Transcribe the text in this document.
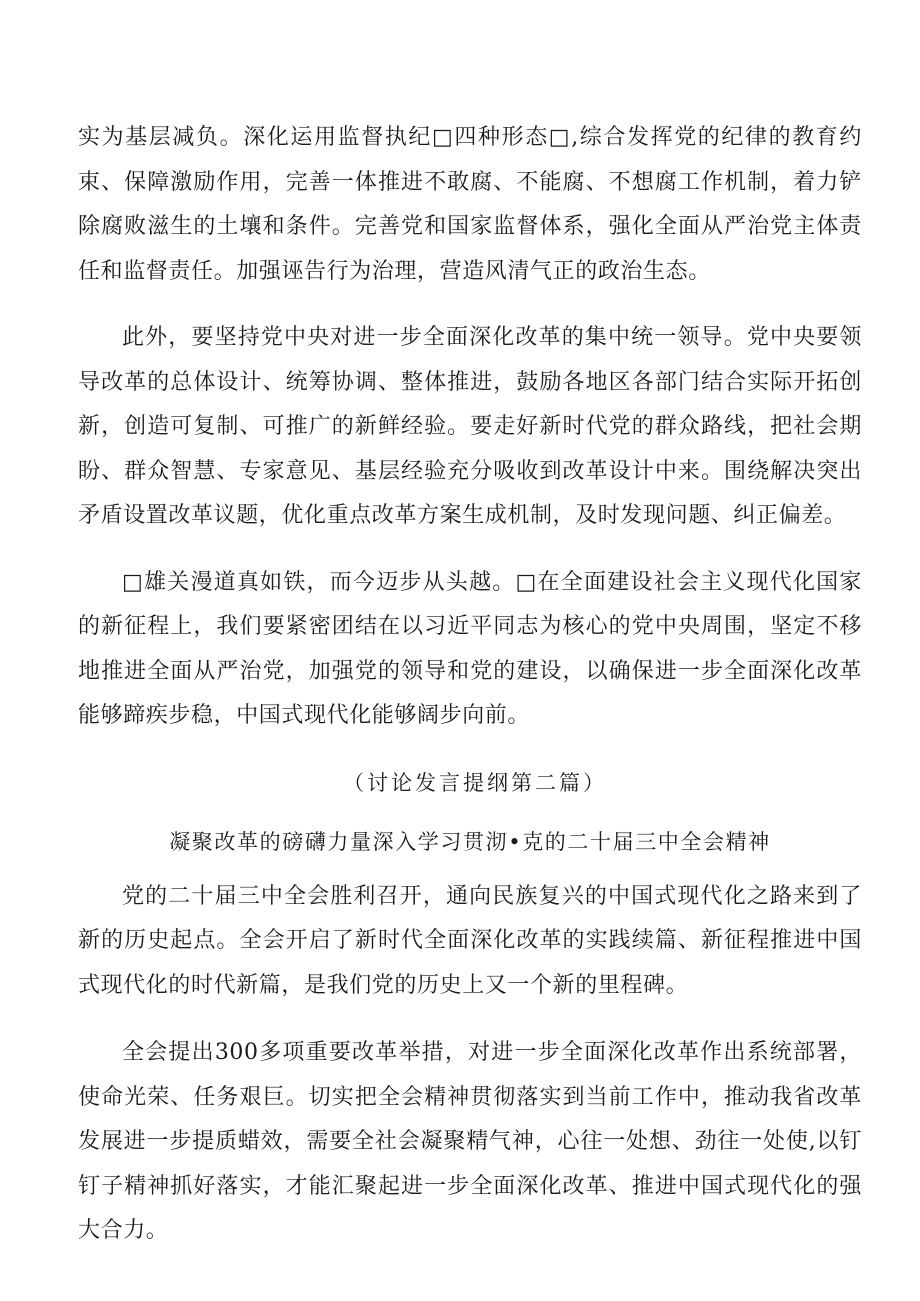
实为基层减负。深化运用监督执纪□四种形态□,综合发挥党的纪律的教育约束、保障激励作用，完善一体推进不敢腐、不能腐、不想腐工作机制，着力铲除腐败滋生的土壤和条件。完善党和国家监督体系，强化全面从严治党主体责任和监督责任。加强诬告行为治理，营造风清气正的政治生态。

此外，要坚持党中央对进一步全面深化改革的集中统一领导。党中央要领导改革的总体设计、统筹协调、整体推进，鼓励各地区各部门结合实际开拓创新，创造可复制、可推广的新鲜经验。要走好新时代党的群众路线，把社会期盼、群众智慧、专家意见、基层经验充分吸收到改革设计中来。围绕解决突出矛盾设置改革议题，优化重点改革方案生成机制，及时发现问题、纠正偏差。

□雄关漫道真如铁，而今迈步从头越。□在全面建设社会主义现代化国家的新征程上，我们要紧密团结在以习近平同志为核心的党中央周围，坚定不移地推进全面从严治党，加强党的领导和党的建设，以确保进一步全面深化改革能够蹄疾步稳，中国式现代化能够阔步向前。

（讨论发言提纲第二篇）

凝聚改革的磅礴力量深入学习贯沏•克的二十届三中全会精神

党的二十届三中全会胜利召开，通向民族复兴的中国式现代化之路来到了新的历史起点。全会开启了新时代全面深化改革的实践续篇、新征程推进中国式现代化的时代新篇，是我们党的历史上又一个新的里程碑。

全会提出300多项重要改革举措，对进一步全面深化改革作出系统部署，使命光荣、任务艰巨。切实把全会精神贯彻落实到当前工作中，推动我省改革发展进一步提质蜡效，需要全社会凝聚精气神，心往一处想、劲往一处使,以钉钉子精神抓好落实，才能汇聚起进一步全面深化改革、推进中国式现代化的强大合力。
